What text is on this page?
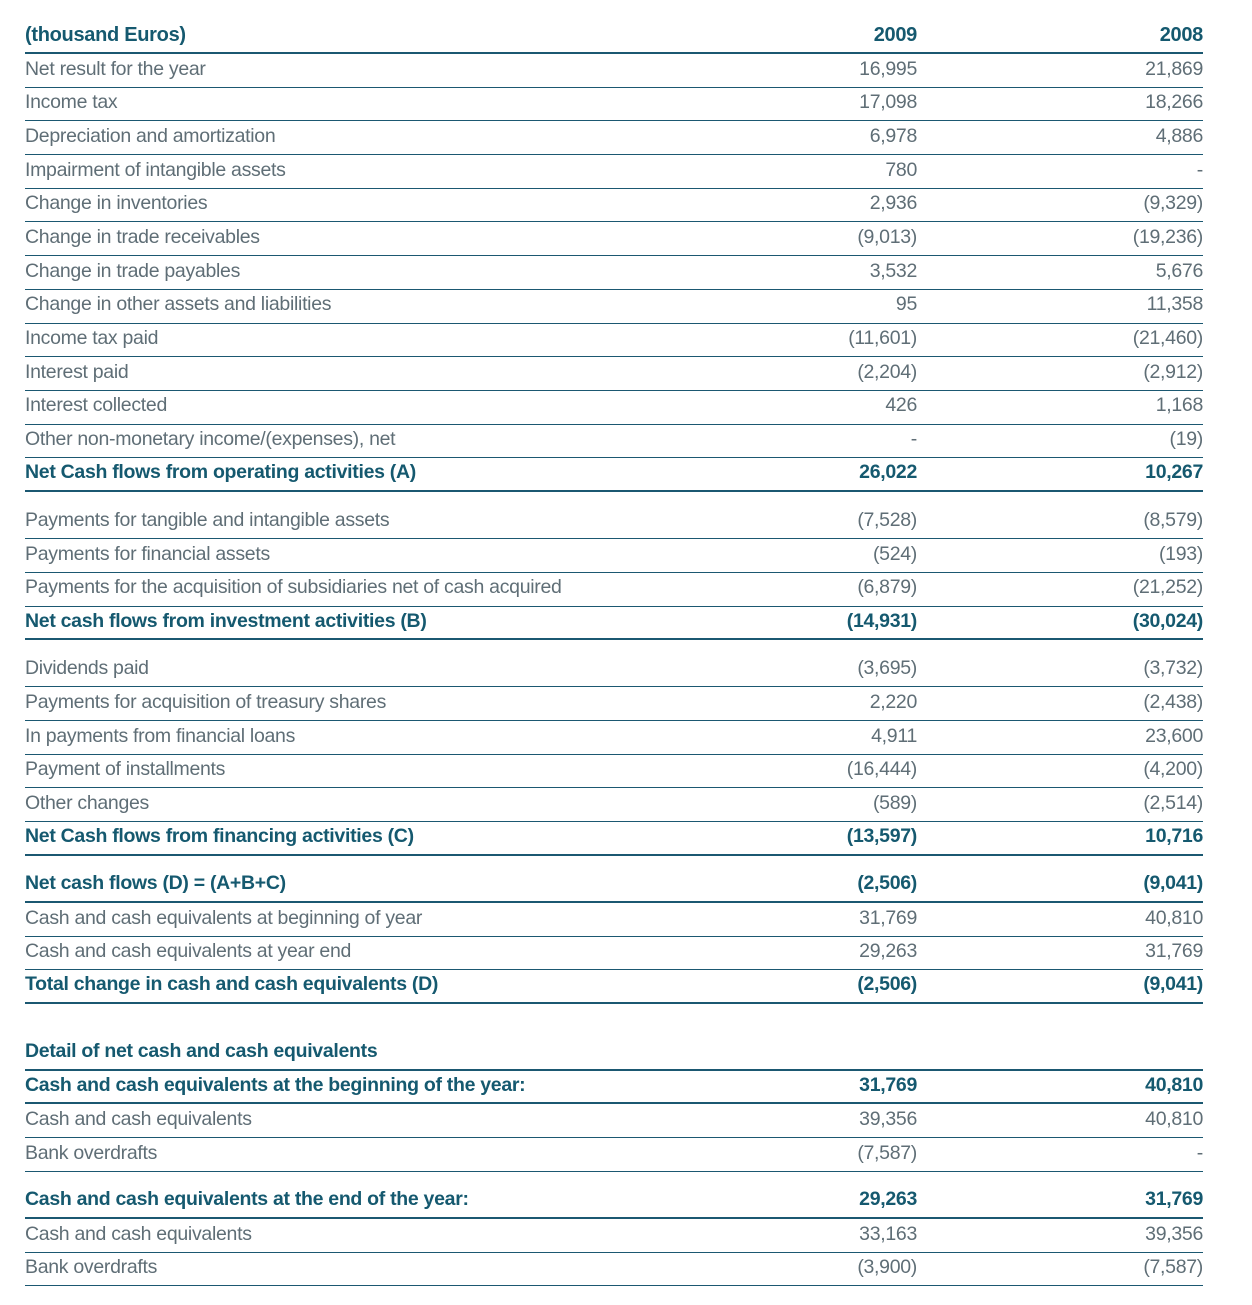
(thousand Euros)	2009	2008
Net result for the year	16,995	21,869
Income tax	17,098	18,266
Depreciation and amortization	6,978	4,886
Impairment of intangible assets	780	-
Change in inventories	2,936	(9,329)
Change in trade receivables	(9,013)	(19,236)
Change in trade payables	3,532	5,676
Change in other assets and liabilities	95	11,358
Income tax paid	(11,601)	(21,460)
Interest paid	(2,204)	(2,912)
Interest collected	426	1,168
Other non-monetary income/(expenses), net	-	(19)
Net Cash flows from operating activities (A)	26,022	10,267
Payments for tangible and intangible assets	(7,528)	(8,579)
Payments for financial assets	(524)	(193)
Payments for the acquisition of subsidiaries net of cash acquired	(6,879)	(21,252)
Net cash flows from investment activities (B)	(14,931)	(30,024)
Dividends paid	(3,695)	(3,732)
Payments for acquisition of treasury shares	2,220	(2,438)
In payments from financial loans	4,911	23,600
Payment of installments	(16,444)	(4,200)
Other changes	(589)	(2,514)
Net Cash flows from financing activities (C)	(13,597)	10,716
Net cash flows (D) = (A+B+C)	(2,506)	(9,041)
Cash and cash equivalents at beginning of year	31,769	40,810
Cash and cash equivalents at year end	29,263	31,769
Total change in cash and cash equivalents (D)	(2,506)	(9,041)
Detail of net cash and cash equivalents
Cash and cash equivalents at the beginning of the year:	31,769	40,810
Cash and cash equivalents	39,356	40,810
Bank overdrafts	(7,587)	-
Cash and cash equivalents at the end of the year:	29,263	31,769
Cash and cash equivalents	33,163	39,356
Bank overdrafts	(3,900)	(7,587)
